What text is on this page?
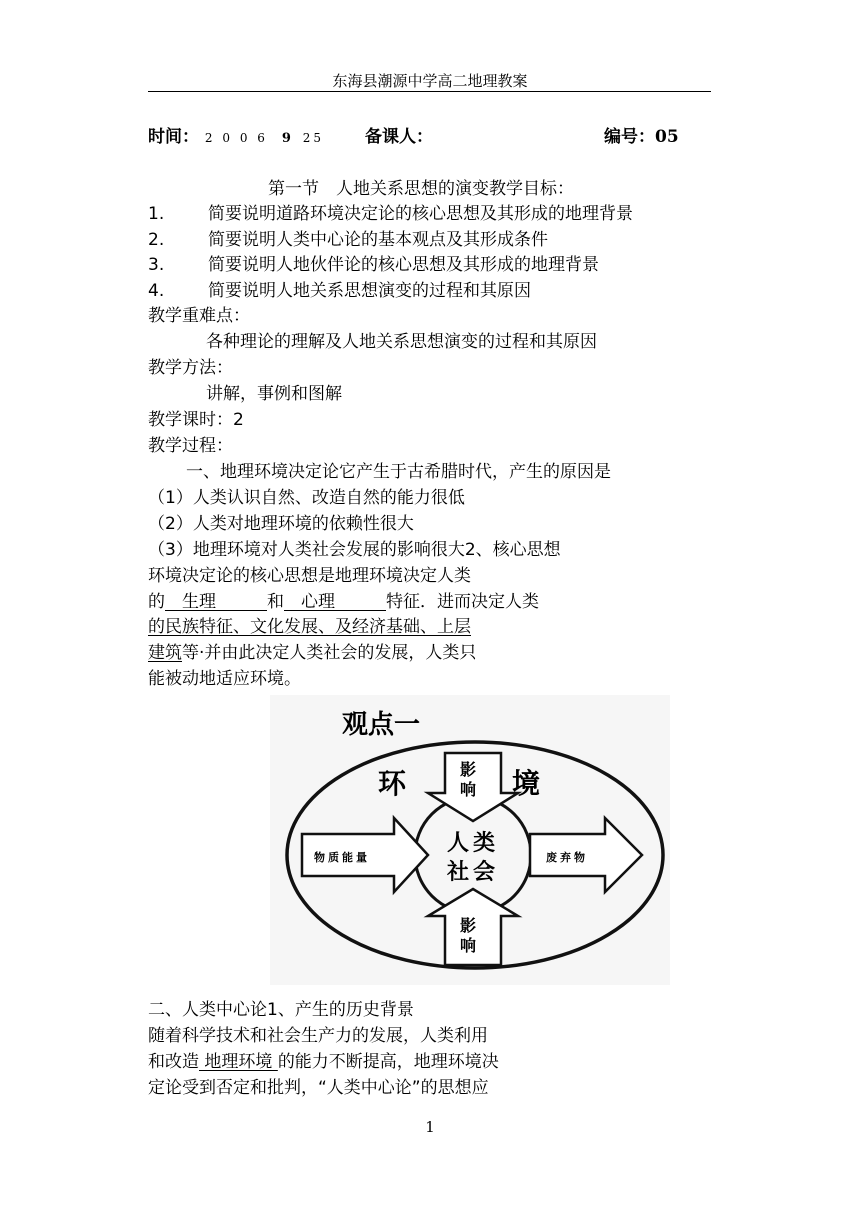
东海县潮源中学高二地理教案
时间： 2 0 0 6 9 25 备课人：	编号：05
第一节　人地关系思想的演变教学目标：
1.	简要说明道路环境决定论的核心思想及其形成的地理背景
2.	简要说明人类中心论的基本观点及其形成条件
3.	简要说明人地伙伴论的核心思想及其形成的地理背景
4.	简要说明人地关系思想演变的过程和其原因
教学重难点：
各种理论的理解及人地关系思想演变的过程和其原因
教学方法：
讲解，事例和图解
教学课时：2
教学过程：
一、地理环境决定论它产生于古希腊时代，产生的原因是
（1）人类认识自然、改造自然的能力很低
（2）人类对地理环境的依赖性很大
（3）地理环境对人类社会发展的影响很大2、核心思想
环境决定论的核心思想是地理环境决定人类
的　生理　　　和　心理　　　特征．进而决定人类
的民族特征、文化发展、及经济基础、上层
建筑等·并由此决定人类社会的发展，人类只
能被动地适应环境。
观点一
环	境
影
响
影
响
物质能量	废弃物
人类
社会
二、人类中心论1、产生的历史背景
随着科学技术和社会生产力的发展，人类利用
和改造 地理环境 的能力不断提高，地理环境决
定论受到否定和批判，“人类中心论”的思想应
1
